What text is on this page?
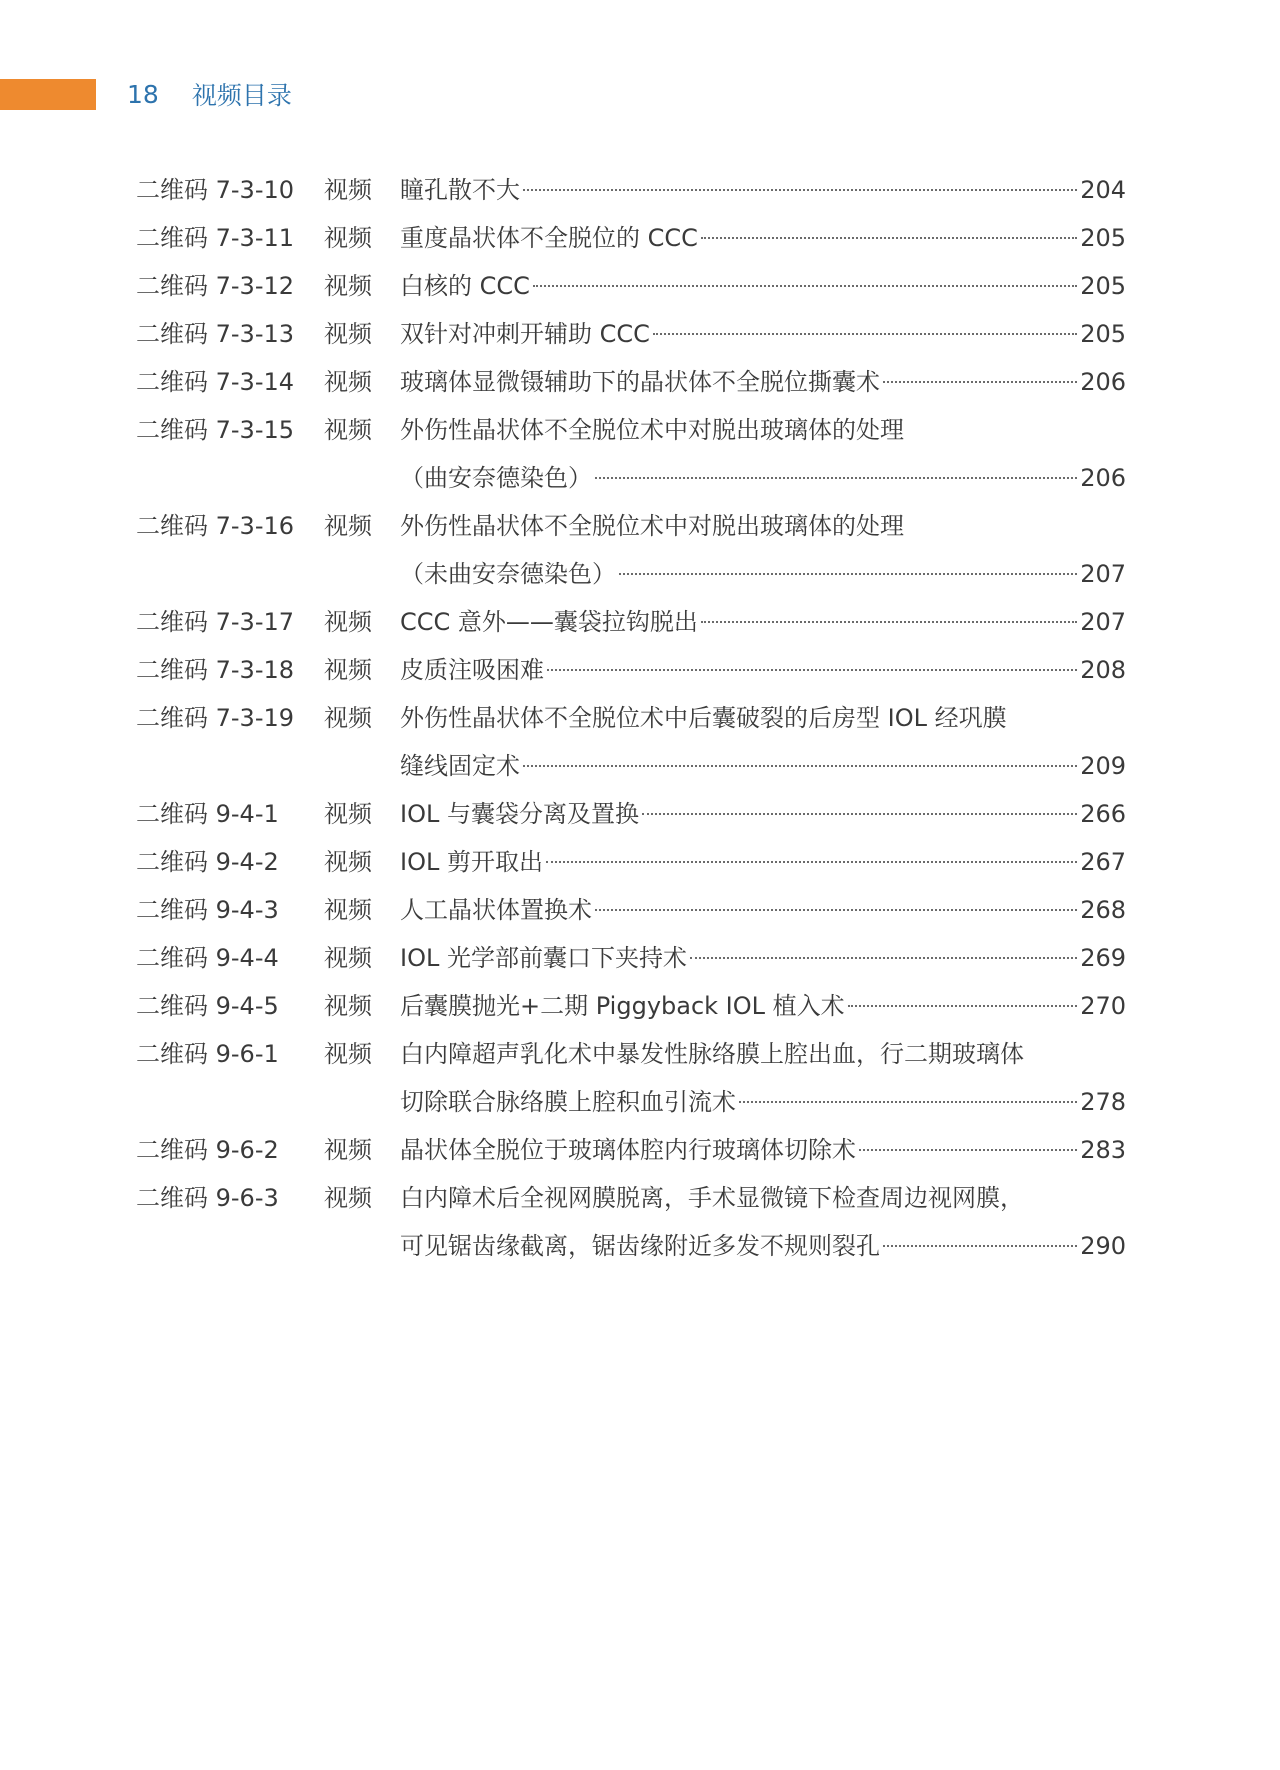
18 视频目录
二维码 7-3-10	视频	瞳孔散不大	204
二维码 7-3-11	视频	重度晶状体不全脱位的 CCC	205
二维码 7-3-12	视频	白核的 CCC	205
二维码 7-3-13	视频	双针对冲刺开辅助 CCC	205
二维码 7-3-14	视频	玻璃体显微镊辅助下的晶状体不全脱位撕囊术	206
二维码 7-3-15	视频	外伤性晶状体不全脱位术中对脱出玻璃体的处理
（曲安奈德染色）	206
二维码 7-3-16	视频	外伤性晶状体不全脱位术中对脱出玻璃体的处理
（未曲安奈德染色）	207
二维码 7-3-17	视频	CCC 意外——囊袋拉钩脱出	207
二维码 7-3-18	视频	皮质注吸困难	208
二维码 7-3-19	视频	外伤性晶状体不全脱位术中后囊破裂的后房型 IOL 经巩膜
缝线固定术	209
二维码 9-4-1	视频	IOL 与囊袋分离及置换	266
二维码 9-4-2	视频	IOL 剪开取出	267
二维码 9-4-3	视频	人工晶状体置换术	268
二维码 9-4-4	视频	IOL 光学部前囊口下夹持术	269
二维码 9-4-5	视频	后囊膜抛光+二期 Piggyback IOL 植入术	270
二维码 9-6-1	视频	白内障超声乳化术中暴发性脉络膜上腔出血，行二期玻璃体
切除联合脉络膜上腔积血引流术	278
二维码 9-6-2	视频	晶状体全脱位于玻璃体腔内行玻璃体切除术	283
二维码 9-6-3	视频	白内障术后全视网膜脱离，手术显微镜下检查周边视网膜，
可见锯齿缘截离，锯齿缘附近多发不规则裂孔	290
